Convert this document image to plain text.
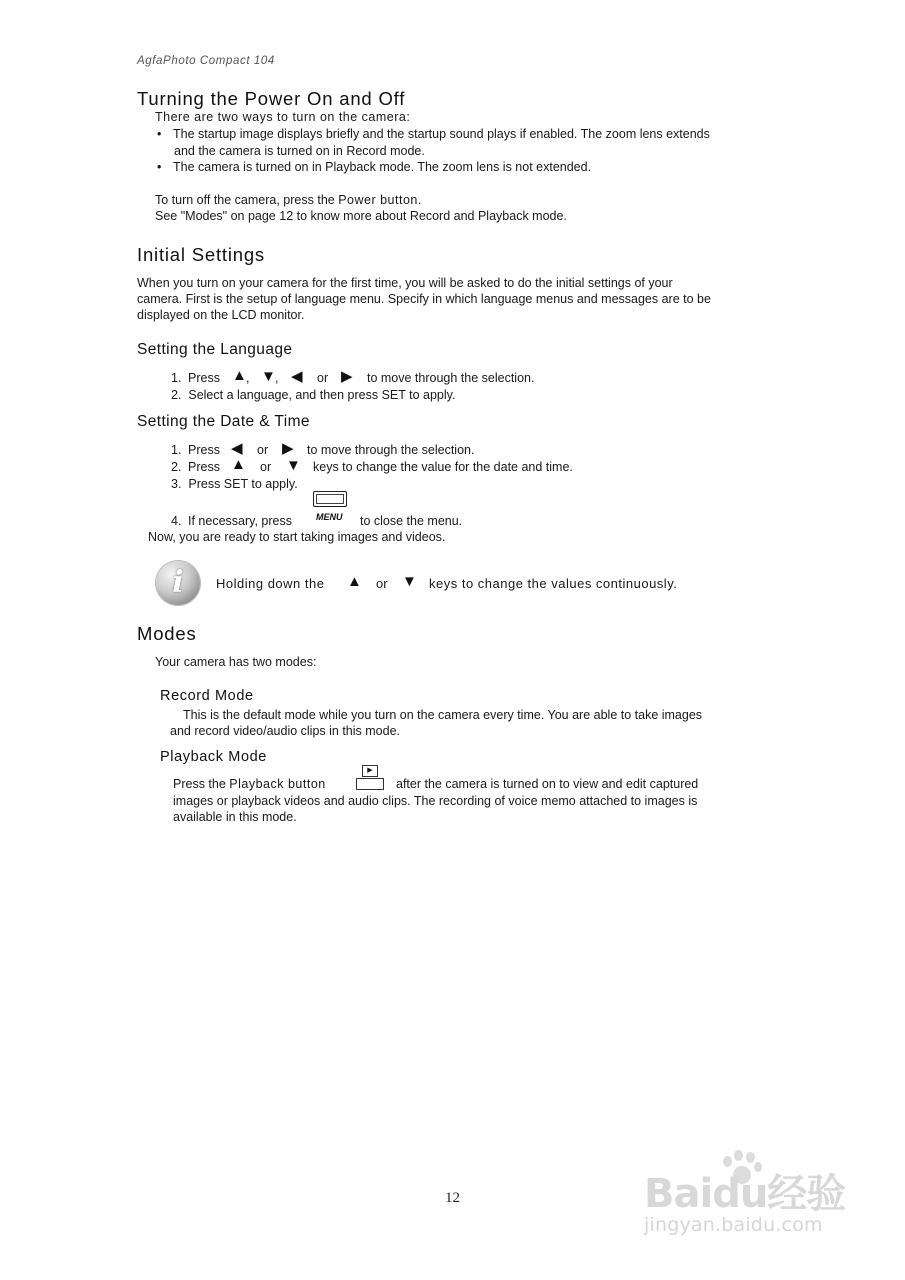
AgfaPhoto Compact 104
Turning the Power On and Off
There are two ways to turn on the camera:
• The startup image displays briefly and the startup sound plays if enabled. The zoom lens extends
and the camera is turned on in Record mode.
• The camera is turned on in Playback mode. The zoom lens is not extended.
To turn off the camera, press the Power button.
See "Modes" on page 12 to know more about Record and Playback mode.
Initial Settings
When you turn on your camera for the first time, you will be asked to do the initial settings of your
camera. First is the setup of language menu. Specify in which language menus and messages are to be
displayed on the LCD monitor.
Setting the Language
1. Press ▲ , ▼ , ◀ or ▶ to move through the selection.
2.  Select a language, and then press SET to apply.
Setting the Date & Time
1. Press ◀ or ▶ to move through the selection.
2. Press ▲ or ▼ keys to change the value for the date and time.
3.  Press SET to apply.
MENU
4. If necessary, press	to close the menu.
Now, you are ready to start taking images and videos.
i	Holding down the ▲ or ▼ keys to change the values continuously.
Modes
Your camera has two modes:
Record Mode
This is the default mode while you turn on the camera every time. You are able to take images
and record video/audio clips in this mode.
Playback Mode
▶
Press the Playback button	after the camera is turned on to view and edit captured
images or playback videos and audio clips. The recording of voice memo attached to images is
available in this mode.
12	Baidu经验
jingyan.baidu.com
